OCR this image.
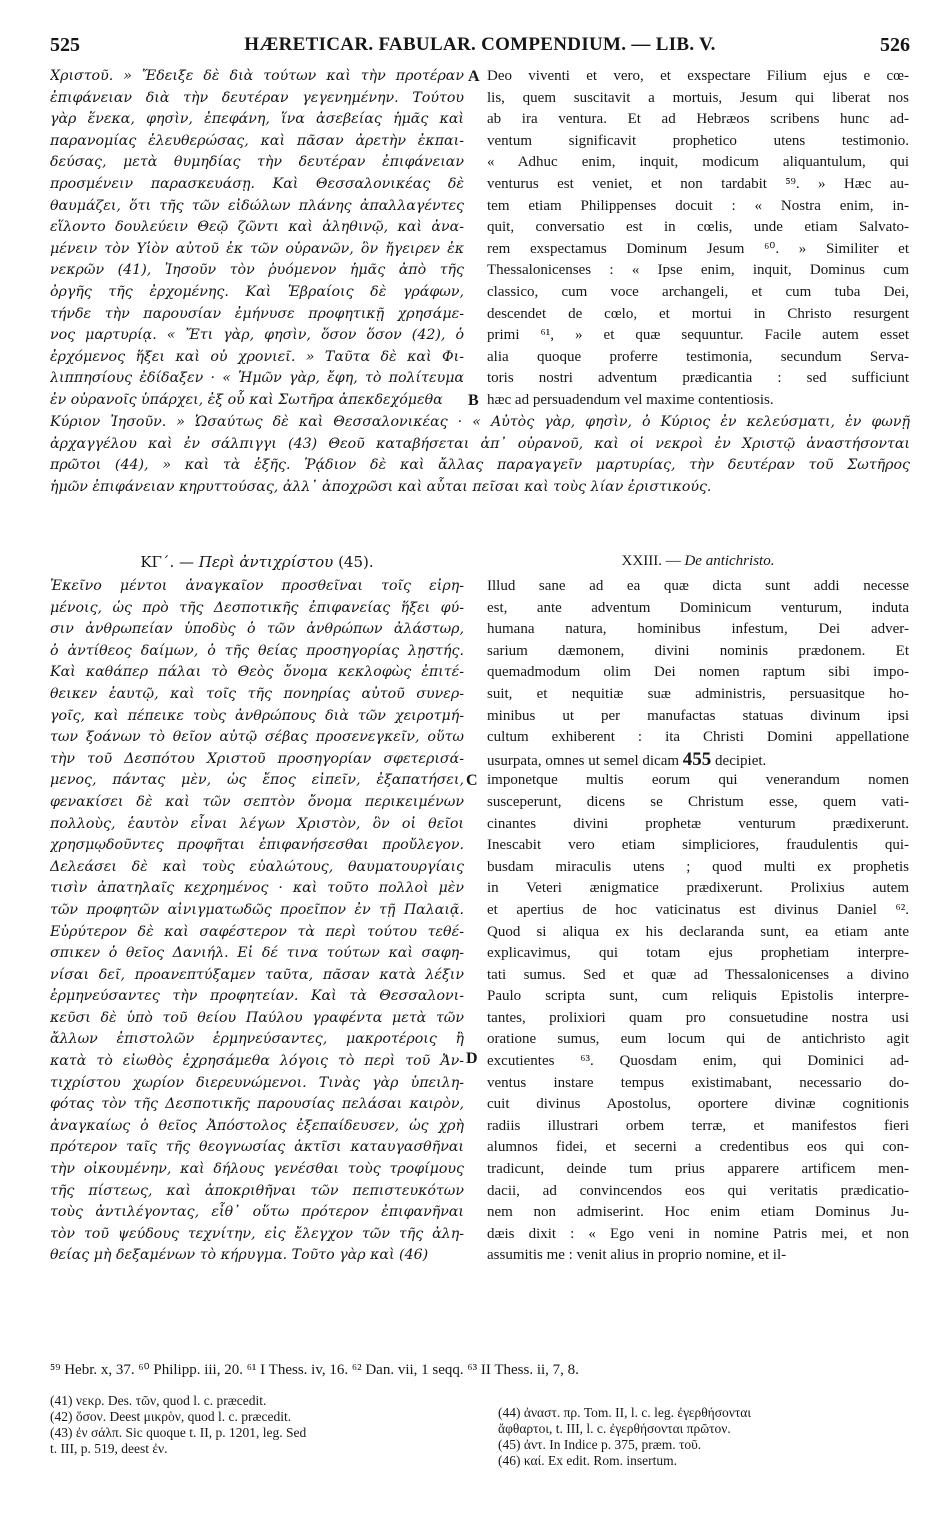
525	HÆRETICAR. FABULAR. COMPENDIUM. — LIB. V.	526
Χριστοῦ. » Ἔδειξε δὲ διὰ τούτων καὶ τὴν προτέραν
ἐπιφάνειαν διὰ τὴν δευτέραν γεγενημένην. Τούτου
γὰρ ἕνεκα, φησὶν, ἐπεφάνη, ἵνα ἀσεβείας ἡμᾶς καὶ
παρανομίας ἐλευθερώσας, καὶ πᾶσαν ἀρετὴν ἐκπαι-
δεύσας, μετὰ θυμηδίας τὴν δευτέραν ἐπιφάνειαν
προσμένειν παρασκευάσῃ. Καὶ Θεσσαλονικέας δὲ
θαυμάζει, ὅτι τῆς τῶν εἰδώλων πλάνης ἀπαλλαγέντες
εἵλοντο δουλεύειν Θεῷ ζῶντι καὶ ἀληθινῷ, καὶ ἀνα-
μένειν τὸν Υἱὸν αὐτοῦ ἐκ τῶν οὐρανῶν, ὃν ἤγειρεν ἐκ
νεκρῶν (41), Ἰησοῦν τὸν ῥυόμενον ἡμᾶς ἀπὸ τῆς
ὀργῆς τῆς ἐρχομένης. Καὶ Ἑβραίοις δὲ γράφων,
τήνδε τὴν παρουσίαν ἐμήνυσε προφητικῇ χρησάμε-
νος μαρτυρίᾳ. « Ἔτι γὰρ, φησὶν, ὅσον ὅσον (42), ὁ
ἐρχόμενος ἥξει καὶ οὐ χρονιεῖ. » Ταῦτα δὲ καὶ Φι-
λιππησίους ἐδίδαξεν · « Ἡμῶν γὰρ, ἔφη, τὸ πολίτευμα
ἐν οὐρανοῖς ὑπάρχει, ἐξ οὗ καὶ Σωτῆρα ἀπεκδεχόμεθα
Deo viventi et vero, et exspectare Filium ejus e cœ-
lis, quem suscitavit a mortuis, Jesum qui liberat nos
ab ira ventura. Et ad Hebræos scribens hunc ad-
ventum significavit prophetico utens testimonio.
« Adhuc enim, inquit, modicum aliquantulum, qui
venturus est veniet, et non tardabit ⁵⁹. » Hæc au-
tem etiam Philippenses docuit : « Nostra enim, in-
quit, conversatio est in cœlis, unde etiam Salvato-
rem exspectamus Dominum Jesum ⁶⁰. » Similiter et
Thessalonicenses : « Ipse enim, inquit, Dominus cum
classico, cum voce archangeli, et cum tuba Dei,
descendet de cœlo, et mortui in Christo resurgent
primi ⁶¹, » et quæ sequuntur. Facile autem esset
alia quoque proferre testimonia, secundum Serva-
toris nostri adventum prædicantia : sed sufficiunt
hæc ad persuadendum vel maxime contentiosis.
A
B
Κύριον Ἰησοῦν. » Ὡσαύτως δὲ καὶ Θεσσαλονικέας · « Αὐτὸς γὰρ, φησὶν, ὁ Κύριος ἐν κελεύσματι, ἐν φωνῇ
ἀρχαγγέλου καὶ ἐν σάλπιγγι (43) Θεοῦ καταβήσεται ἀπ᾽ οὐρανοῦ, καὶ οἱ νεκροὶ ἐν Χριστῷ ἀναστήσονται
πρῶτοι (44), » καὶ τὰ ἑξῆς. Ῥᾴδιον δὲ καὶ ἄλλας παραγαγεῖν μαρτυρίας, τὴν δευτέραν τοῦ Σωτῆρος
ἡμῶν ἐπιφάνειαν κηρυττούσας, ἀλλ᾽ ἀποχρῶσι καὶ αὗται πεῖσαι καὶ τοὺς λίαν ἐριστικούς.
ΚΓ΄. — Περὶ ἀντιχρίστου (45).	XXIII. — De antichristo.
Ἐκεῖνο μέντοι ἀναγκαῖον προσθεῖναι τοῖς εἰρη-
μένοις, ὡς πρὸ τῆς Δεσποτικῆς ἐπιφανείας ἥξει φύ-
σιν ἀνθρωπείαν ὑποδὺς ὁ τῶν ἀνθρώπων ἀλάστωρ,
ὁ ἀντίθεος δαίμων, ὁ τῆς θείας προσηγορίας λῃστής.
Καὶ καθάπερ πάλαι τὸ Θεὸς ὄνομα κεκλοφὼς ἐπιτέ-
θεικεν ἑαυτῷ, καὶ τοῖς τῆς πονηρίας αὐτοῦ συνερ-
γοῖς, καὶ πέπεικε τοὺς ἀνθρώπους διὰ τῶν χειροτμή-
των ξοάνων τὸ θεῖον αὐτῷ σέβας προσενεγκεῖν, οὕτω
τὴν τοῦ Δεσπότου Χριστοῦ προσηγορίαν σφετερισά-
μενος, πάντας μὲν, ὡς ἔπος εἰπεῖν, ἐξαπατήσει,
φενακίσει δὲ καὶ τῶν σεπτὸν ὄνομα περικειμένων
πολλοὺς, ἑαυτὸν εἶναι λέγων Χριστὸν, ὃν οἱ θεῖοι
χρησμῳδοῦντες προφῆται ἐπιφανήσεσθαι προὔλεγον.
Δελεάσει δὲ καὶ τοὺς εὐαλώτους, θαυματουργίαις
τισὶν ἀπατηλαῖς κεχρημένος · καὶ τοῦτο πολλοὶ μὲν
τῶν προφητῶν αἰνιγματωδῶς προεῖπον ἐν τῇ Παλαιᾷ.
Εὐρύτερον δὲ καὶ σαφέστερον τὰ περὶ τούτου τεθέ-
σπικεν ὁ θεῖος Δανιήλ. Εἰ δέ τινα τούτων καὶ σαφη-
νίσαι δεῖ, προανεπτύξαμεν ταῦτα, πᾶσαν κατὰ λέξιν
ἑρμηνεύσαντες τὴν προφητείαν. Καὶ τὰ Θεσσαλονι-
κεῦσι δὲ ὑπὸ τοῦ θείου Παύλου γραφέντα μετὰ τῶν
ἄλλων ἐπιστολῶν ἑρμηνεύσαντες, μακροτέροις ἢ
κατὰ τὸ εἰωθὸς ἐχρησάμεθα λόγοις τὸ περὶ τοῦ Ἀν-
τιχρίστου χωρίον διερευνώμενοι. Τινὰς γὰρ ὑπειλη-
φότας τὸν τῆς Δεσποτικῆς παρουσίας πελάσαι καιρὸν,
ἀναγκαίως ὁ θεῖος Ἀπόστολος ἐξεπαίδευσεν, ὡς χρὴ
πρότερον ταῖς τῆς θεογνωσίας ἀκτῖσι καταυγασθῆναι
τὴν οἰκουμένην, καὶ δήλους γενέσθαι τοὺς τροφίμους
τῆς πίστεως, καὶ ἀποκριθῆναι τῶν πεπιστευκότων
τοὺς ἀντιλέγοντας, εἶθ᾽ οὕτω πρότερον ἐπιφανῆναι
τὸν τοῦ ψεύδους τεχνίτην, εἰς ἔλεγχον τῶν τῆς ἀλη-
θείας μὴ δεξαμένων τὸ κήρυγμα. Τοῦτο γὰρ καὶ (46)
Illud sane ad ea quæ dicta sunt addi necesse
est, ante adventum Dominicum venturum, induta
humana natura, hominibus infestum, Dei adver-
sarium dæmonem, divini nominis prædonem. Et
quemadmodum olim Dei nomen raptum sibi impo-
suit, et nequitiæ suæ administris, persuasitque ho-
minibus ut per manufactas statuas divinum ipsi
cultum exhiberent : ita Christi Domini appellatione
usurpata, omnes ut semel dicam 455 decipiet.
imponetque multis eorum qui venerandum nomen
susceperunt, dicens se Christum esse, quem vati-
cinantes divini prophetæ venturum prædixerunt.
Inescabit vero etiam simpliciores, fraudulentis qui-
busdam miraculis utens ; quod multi ex prophetis
in Veteri ænigmatice prædixerunt. Prolixius autem
et apertius de hoc vaticinatus est divinus Daniel ⁶².
Quod si aliqua ex his declaranda sunt, ea etiam ante
explicavimus, qui totam ejus prophetiam interpre-
tati sumus. Sed et quæ ad Thessalonicenses a divino
Paulo scripta sunt, cum reliquis Epistolis interpre-
tantes, prolixiori quam pro consuetudine nostra usi
oratione sumus, eum locum qui de antichristo agit
excutientes ⁶³. Quosdam enim, qui Dominici ad-
ventus instare tempus existimabant, necessario do-
cuit divinus Apostolus, oportere divinæ cognitionis
radiis illustrari orbem terræ, et manifestos fieri
alumnos fidei, et secerni a credentibus eos qui con-
tradicunt, deinde tum prius apparere artificem men-
dacii, ad convincendos eos qui veritatis prædicatio-
nem non admiserint. Hoc enim etiam Dominus Ju-
dæis dixit : « Ego veni in nomine Patris mei, et non
assumitis me : venit alius in proprio nomine, et il-
C
D
⁵⁹ Hebr. x, 37. ⁶⁰ Philipp. iii, 20. ⁶¹ I Thess. iv, 16. ⁶² Dan. vii, 1 seqq. ⁶³ II Thess. ii, 7, 8.
(41) νεκρ. Des. τῶν, quod l. c. præcedit.
(42) ὅσον. Deest μικρὸν, quod l. c. præcedit.
(43) ἐν σάλπ. Sic quoque t. II, p. 1201, leg. Sed
t. III, p. 519, deest ἐν.
(44) ἀναστ. πρ. Tom. II, l. c. leg. ἐγερθήσονται
ἄφθαρτοι, t. III, l. c. ἐγερθήσονται πρῶτον.
(45) ἀντ. In Indice p. 375, præm. τοῦ.
(46) καί. Ex edit. Rom. insertum.
